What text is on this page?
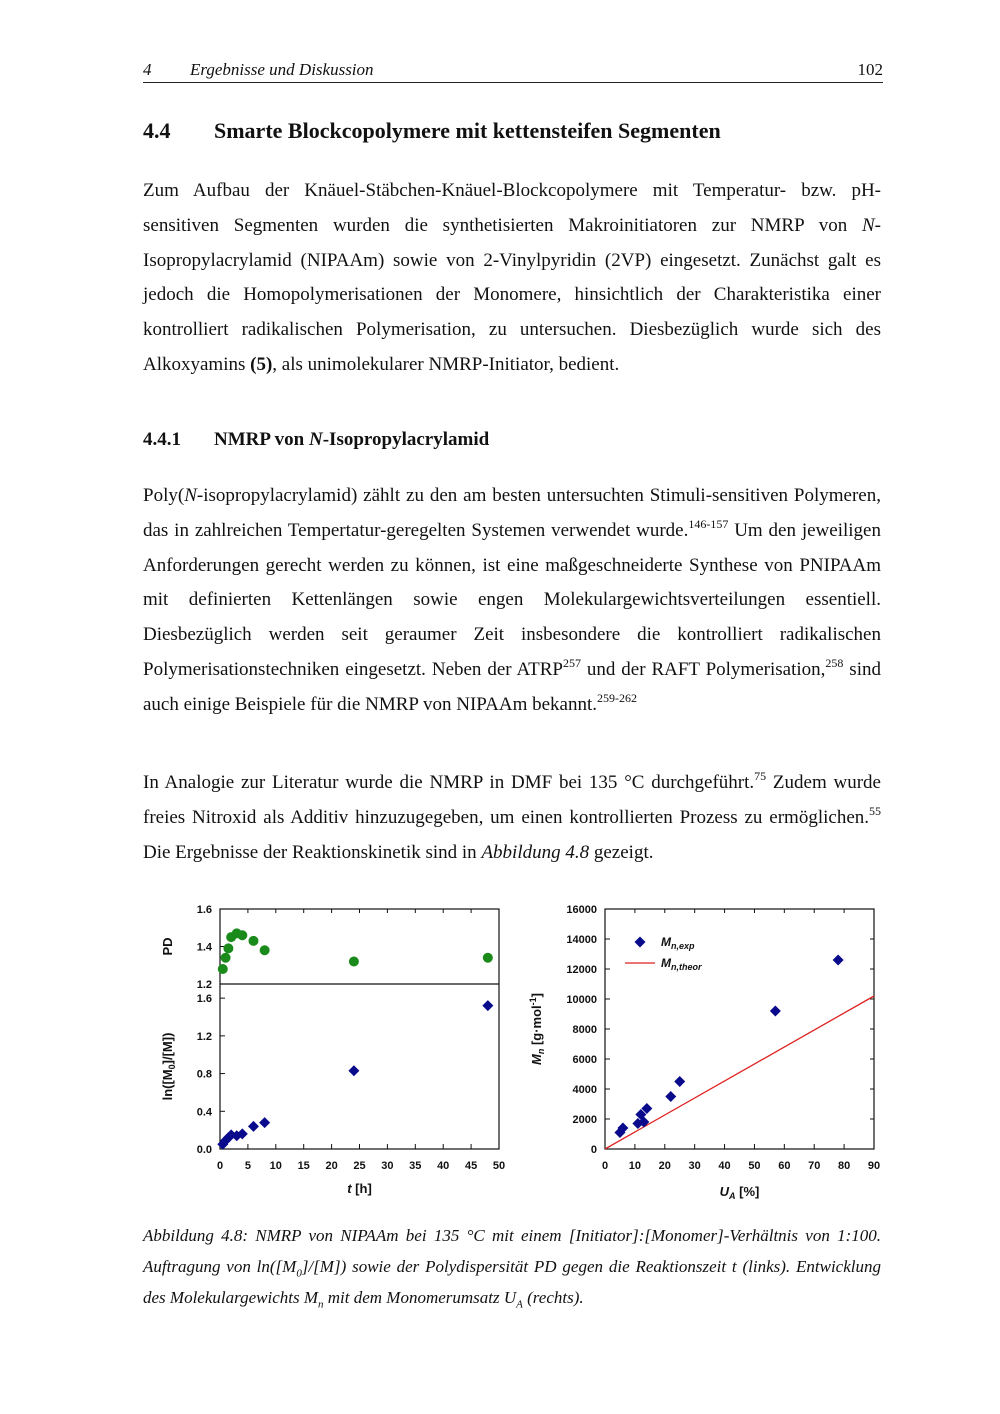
4 Ergebnisse und Diskussion	102
4.4 Smarte Blockcopolymere mit kettensteifen Segmenten
Zum Aufbau der Knäuel-Stäbchen-Knäuel-Blockcopolymere mit Temperatur- bzw. pH-sensitiven Segmenten wurden die synthetisierten Makroinitiatoren zur NMRP von N-Isopropylacrylamid (NIPAAm) sowie von 2-Vinylpyridin (2VP) eingesetzt. Zunächst galt es jedoch die Homopolymerisationen der Monomere, hinsichtlich der Charakteristika einer kontrolliert radikalischen Polymerisation, zu untersuchen. Diesbezüglich wurde sich des Alkoxyamins (5), als unimolekularer NMRP-Initiator, bedient.
4.4.1 NMRP von N-Isopropylacrylamid
Poly(N-isopropylacrylamid) zählt zu den am besten untersuchten Stimuli-sensitiven Polymeren, das in zahlreichen Tempertatur-geregelten Systemen verwendet wurde.$^{146-157}$ Um den jeweiligen Anforderungen gerecht werden zu können, ist eine maßgeschneiderte Synthese von PNIPAAm mit definierten Kettenlängen sowie engen Molekulargewichtsverteilungen essentiell. Diesbezüglich werden seit geraumer Zeit insbesondere die kontrolliert radikalischen Polymerisationstechniken eingesetzt. Neben der ATRP$^{257}$ und der RAFT Polymerisation,$^{258}$ sind auch einige Beispiele für die NMRP von NIPAAm bekannt.$^{259-262}$
In Analogie zur Literatur wurde die NMRP in DMF bei 135 °C durchgeführt.$^{75}$ Zudem wurde freies Nitroxid als Additiv hinzuzugegeben, um einen kontrollierten Prozess zu ermöglichen.$^{55}$ Die Ergebnisse der Reaktionskinetik sind in Abbildung 4.8 gezeigt.
1.2
1.4
1.6
PD
0.0
0.4
0.8
1.2
1.6
$\ln([M_0]/[M])$
0 5 10 15 20 25 30 35 40 45 50
t [h]
0
2000
4000
6000
8000
10000
12000
14000
16000
0 10 20 30 40 50 60 70 80 90
$M_n$ [g·mol$^{-1}$]
$U_A$ [%]
$M_{n,exp}$
$M_{n,theor}$
Abbildung 4.8: NMRP von NIPAAm bei 135 °C mit einem [Initiator]:[Monomer]-Verhältnis von 1:100. Auftragung von $\ln([M_0]/[M])$ sowie der Polydispersität PD gegen die Reaktionszeit t (links). Entwicklung des Molekulargewichts $M_n$ mit dem Monomerumsatz $U_A$ (rechts).
